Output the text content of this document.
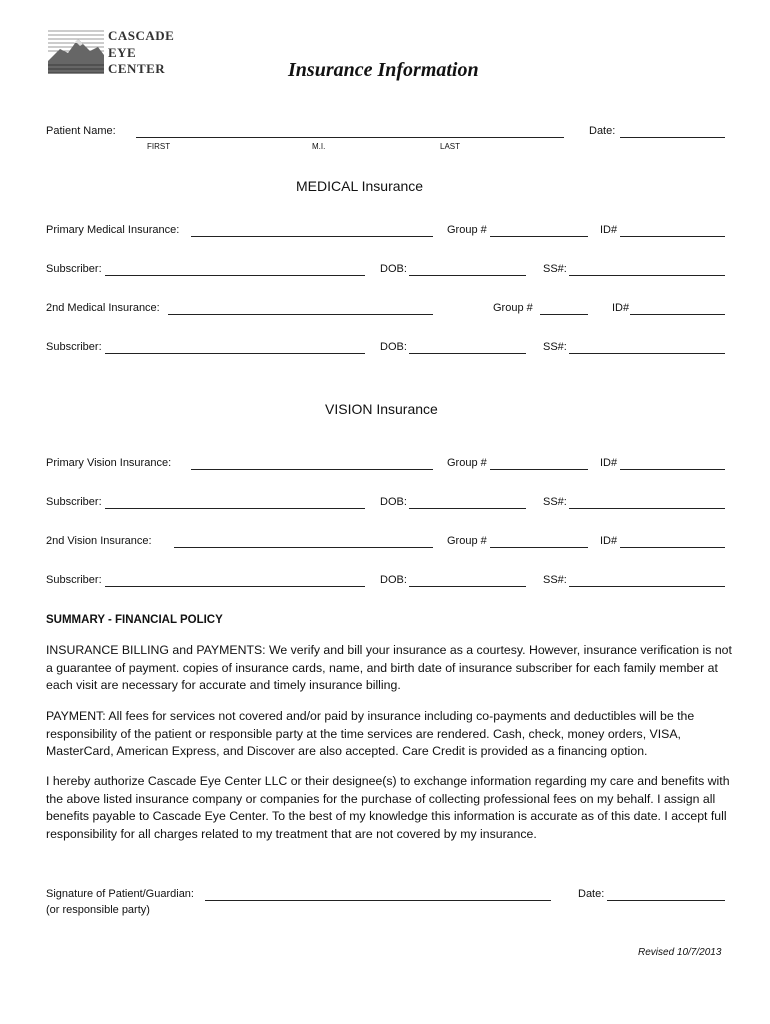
CASCADE
EYE
CENTER	Insurance Information
Patient Name:
FIRST	M.I.	LAST
Date:
MEDICAL Insurance
Primary Medical Insurance:	Group #	ID#
Subscriber:	DOB:	SS#:
2nd Medical Insurance:	Group #	ID#
Subscriber:	DOB:	SS#:
VISION Insurance
Primary Vision Insurance:	Group #	ID#
Subscriber:	DOB:	SS#:
2nd Vision Insurance:	Group #	ID#
Subscriber:	DOB:	SS#:
SUMMARY - FINANCIAL POLICY
INSURANCE BILLING and PAYMENTS: We verify and bill your insurance as a courtesy. However, insurance verification is not a guarantee of payment. copies of insurance cards, name, and birth date of insurance subscriber for each family member at each visit are necessary for accurate and timely insurance billing.
PAYMENT: All fees for services not covered and/or paid by insurance including co-payments and deductibles will be the responsibility of the patient or responsible party at the time services are rendered. Cash, check, money orders, VISA, MasterCard, American Express, and Discover are also accepted. Care Credit is provided as a financing option.
I hereby authorize Cascade Eye Center LLC or their designee(s) to exchange information regarding my care and benefits with the above listed insurance company or companies for the purchase of collecting professional fees on my behalf. I assign all benefits payable to Cascade Eye Center. To the best of my knowledge this information is accurate as of this date. I accept full responsibility for all charges related to my treatment that are not covered by my insurance.
Signature of Patient/Guardian:
(or responsible party)
Date:
Revised 10/7/2013
